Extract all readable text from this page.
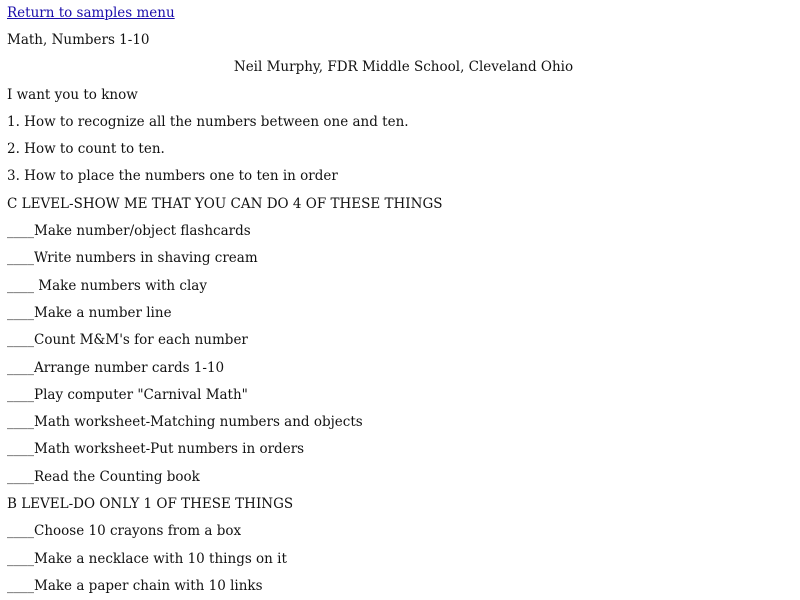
Return to samples menu
Math, Numbers 1-10
Neil Murphy, FDR Middle School, Cleveland Ohio
I want you to know
1. How to recognize all the numbers between one and ten.
2. How to count to ten.
3. How to place the numbers one to ten in order
C LEVEL-SHOW ME THAT YOU CAN DO 4 OF THESE THINGS
____Make number/object flashcards
____Write numbers in shaving cream
____ Make numbers with clay
____Make a number line
____Count M&M's for each number
____Arrange number cards 1-10
____Play computer "Carnival Math"
____Math worksheet-Matching numbers and objects
____Math worksheet-Put numbers in orders
____Read the Counting book
B LEVEL-DO ONLY 1 OF THESE THINGS
____Choose 10 crayons from a box
____Make a necklace with 10 things on it
____Make a paper chain with 10 links
